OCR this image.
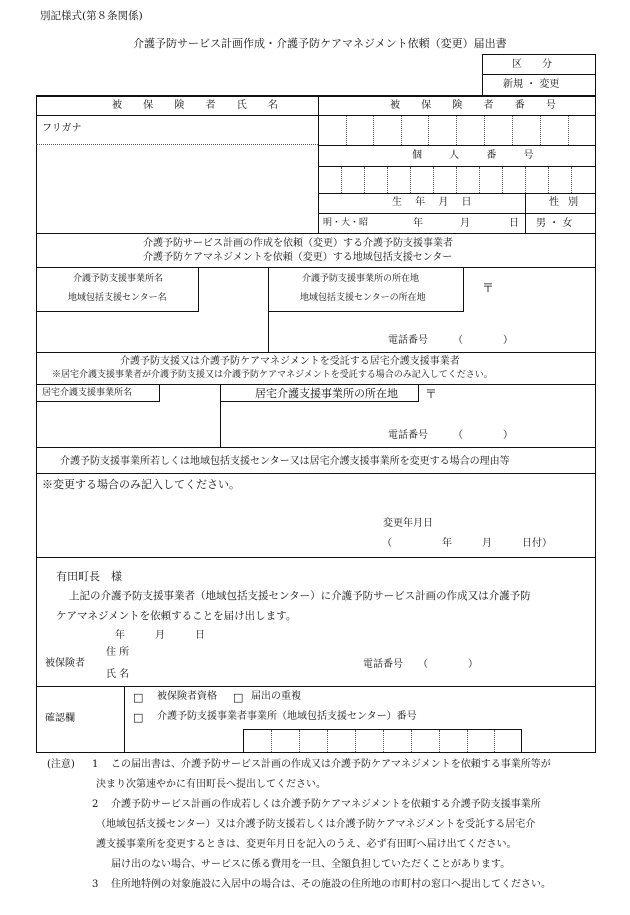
別記様式(第８条関係)
介護予防サービス計画作成・介護予防ケアマネジメント依頼（変更）届出書
区　　分
新規 ・ 変更
被 保 険 者 氏 名	被 保 険 者 番 号
フリガナ
個 人 番 号
生 年 月 日	性 別
明・大・昭	年	月	日 男 ・ 女
介護予防サービス計画の作成を依頼（変更）する介護予防支援事業者
介護予防ケアマネジメントを依頼（変更）する地域包括支援センター
介護予防支援事業所名
地域包括支援センター名
介護予防支援事業所の所在地
地域包括支援センターの所在地
〒
電話番号　　　（　　　　）
介護予防支援又は介護予防ケアマネジメントを受託する居宅介護支援事業者
※居宅介護支援事業者が介護予防支援又は介護予防ケアマネジメントを受託する場合のみ記入してください。
居宅介護支援事業所名	居宅介護支援事業所の所在地 〒
電話番号　　　（　　　　）
介護予防支援事業所若しくは地域包括支援センター又は居宅介護支援事業所を変更する場合の理由等
※変更する場合のみ記入してください。
変更年月日
（　　　　　年　　　月　　　日付）
有田町長　様
上記の介護予防支援事業者（地域包括支援センター）に介護予防サービス計画の作成又は介護予防
ケアマネジメントを依頼することを届け出します。
年　　　月　　　日
被保険者
住 所
氏 名
電話番号　　（　　　　）
確認欄
□ 被保険者資格 □ 届出の重複
□ 介護予防支援事業者事業所（地域包括支援センター）番号
(注意) 1 この届出書は、介護予防サービス計画の作成又は介護予防ケアマネジメントを依頼する事業所等が
決まり次第速やかに有田町長へ提出してください。
2 介護予防サービス計画の作成若しくは介護予防ケアマネジメントを依頼する介護予防支援事業所
（地域包括支援センター）又は介護予防支援若しくは介護予防ケアマネジメントを受託する居宅介
護支援事業所を変更するときは、変更年月日を記入のうえ、必ず有田町へ届け出てください。
届け出のない場合、サービスに係る費用を一旦、全額負担していただくことがあります。
3 住所地特例の対象施設に入居中の場合は、その施設の住所地の市町村の窓口へ提出してください。
